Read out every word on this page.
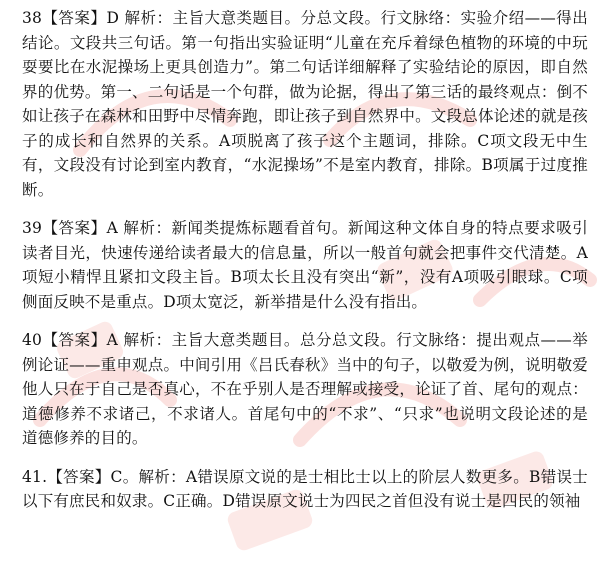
38【答案】D 解析：主旨大意类题目。分总文段。行文脉络：实验介绍——得出结论。文段共三句话。第一句指出实验证明“儿童在充斥着绿色植物的环境的中玩耍要比在水泥操场上更具创造力”。第二句话详细解释了实验结论的原因，即自然界的优势。第一、二句话是一个句群，做为论据，得出了第三话的最终观点：倒不如让孩子在森林和田野中尽情奔跑，即让孩子到自然界中。文段总体论述的就是孩子的成长和自然界的关系。A项脱离了孩子这个主题词，排除。C项文段无中生有，文段没有讨论到室内教育，“水泥操场”不是室内教育，排除。B项属于过度推断。

39【答案】A 解析：新闻类提炼标题看首句。新闻这种文体自身的特点要求吸引读者目光，快速传递给读者最大的信息量，所以一般首句就会把事件交代清楚。A项短小精悍且紧扣文段主旨。B项太长且没有突出“新”，没有A项吸引眼球。C项侧面反映不是重点。D项太宽泛，新举措是什么没有指出。

40【答案】A 解析：主旨大意类题目。总分总文段。行文脉络：提出观点——举例论证——重申观点。中间引用《吕氏春秋》当中的句子，以敬爱为例，说明敬爱他人只在于自己是否真心，不在乎别人是否理解或接受，论证了首、尾句的观点：道德修养不求诸己，不求诸人。首尾句中的“不求”、“只求”也说明文段论述的是道德修养的目的。

41.【答案】C。解析：A错误原文说的是士相比士以上的阶层人数更多。B错误士以下有庶民和奴隶。C正确。D错误原文说士为四民之首但没有说士是四民的领袖
